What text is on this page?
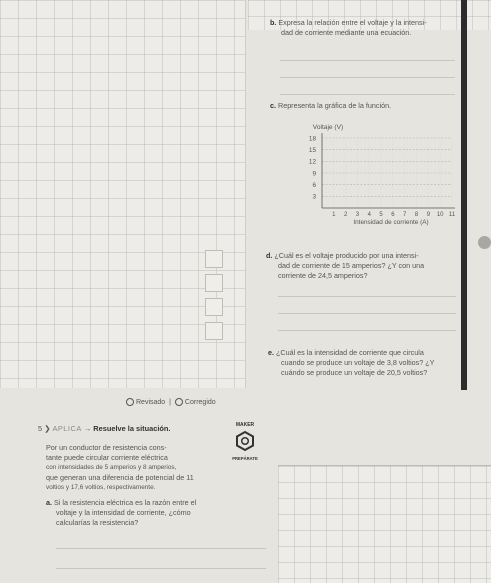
b. Expresa la relación entre el voltaje y la intensi-
dad de corriente mediante una ecuación.
c. Representa la gráfica de la función.
3
6
9
12
15
18
1 2 3 4 5 6 7 8 9 10 11
Voltaje (V)
Intensidad de corriente (A)
d. ¿Cuál es el voltaje producido por una intensi-
dad de corriente de 15 amperios? ¿Y con una
corriente de 24,5 amperios?
e. ¿Cuál es la intensidad de corriente que circula
cuando se produce un voltaje de 3,8 voltios? ¿Y
cuándo se produce un voltaje de 20,5 voltios?
Revisado | Corregido
5 ❯ APLICA → Resuelve la situación.	MAKER
PREPÁRATE
Por un conductor de resistencia cons-
tante puede circular corriente eléctrica
con intensidades de 5 amperios y 8 amperios,
que generan una diferencia de potencial de 11
voltios y 17,6 voltios, respectivamente.
a. Si la resistencia eléctrica es la razón entre el
voltaje y la intensidad de corriente, ¿cómo
calcularías la resistencia?
